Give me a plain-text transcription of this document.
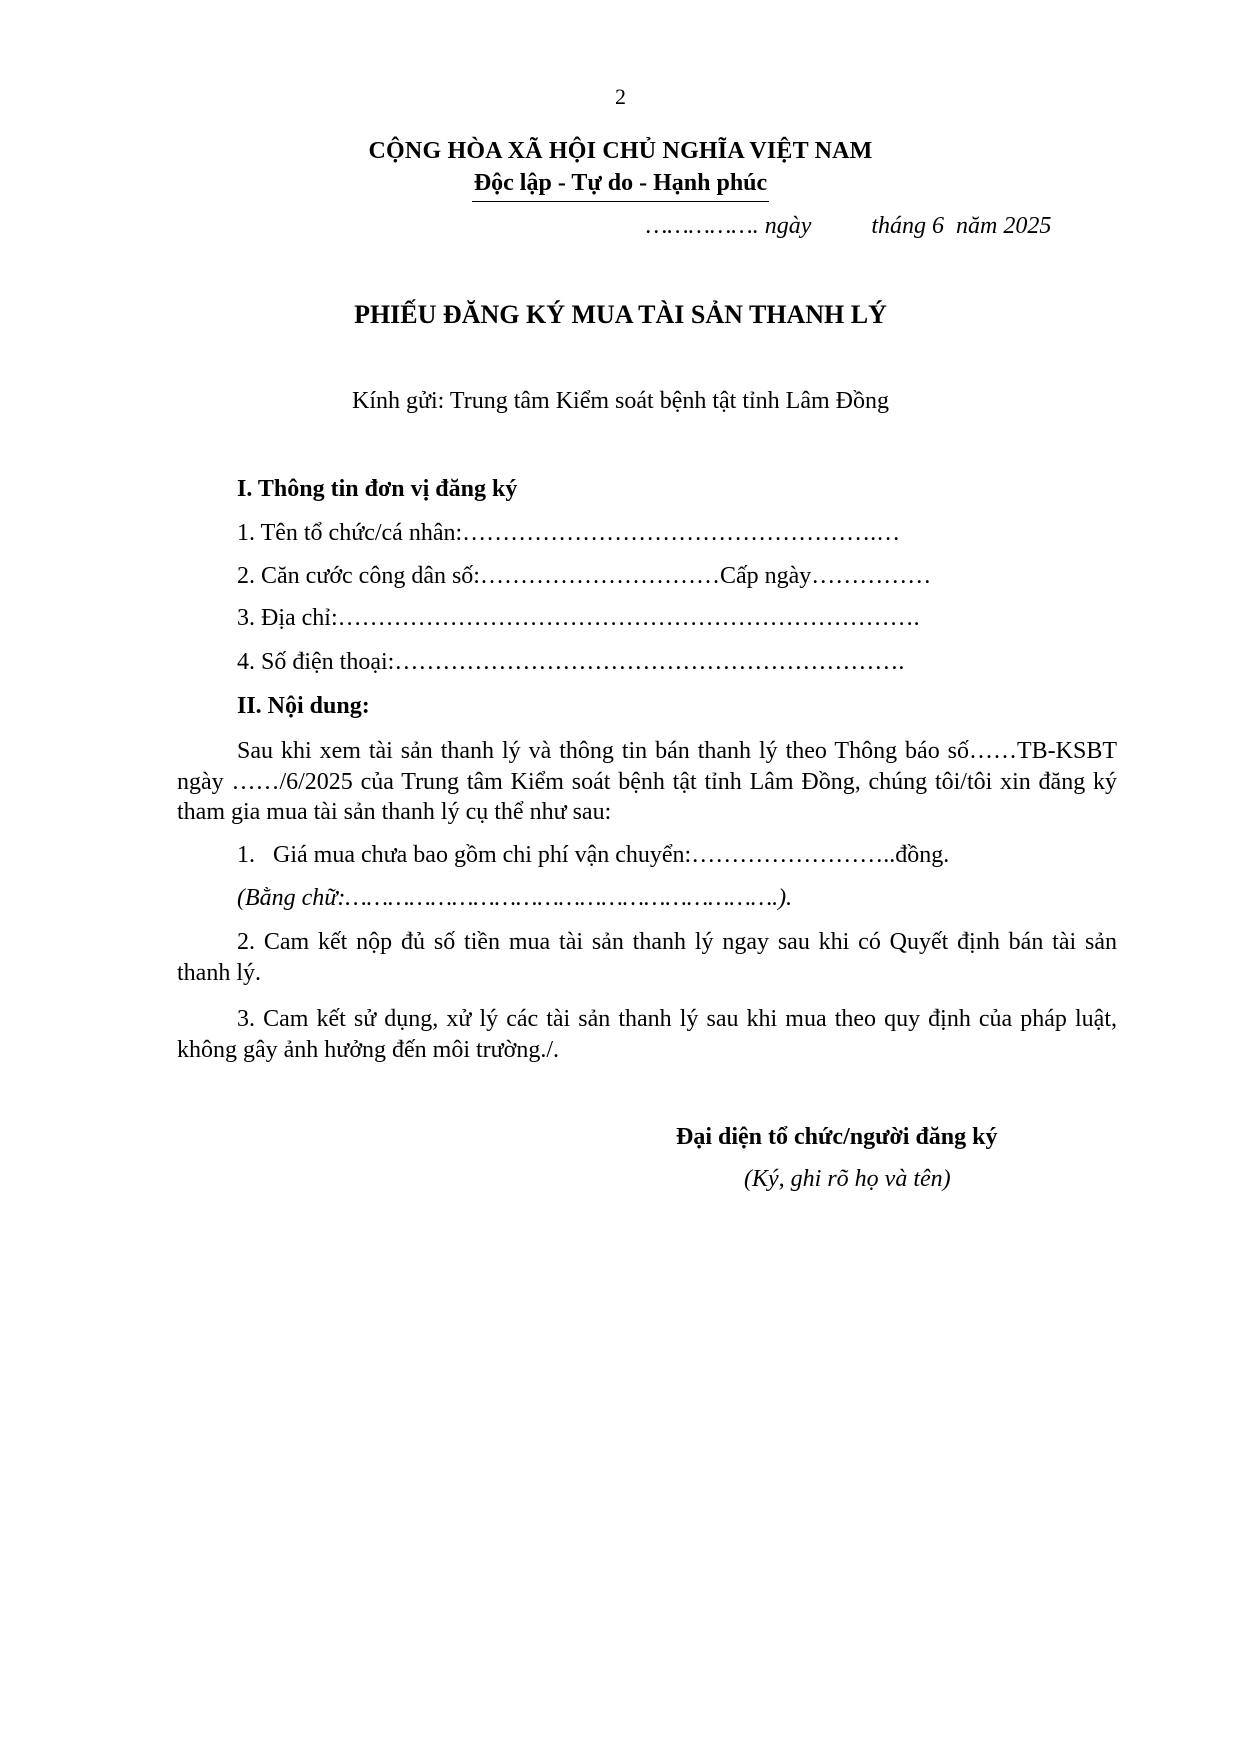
2
CỘNG HÒA XÃ HỘI CHỦ NGHĨA VIỆT NAM
Độc lập - Tự do - Hạnh phúc
……………. ngày          tháng 6  năm 2025
PHIẾU ĐĂNG KÝ MUA TÀI SẢN THANH LÝ
Kính gửi: Trung tâm Kiểm soát bệnh tật tỉnh Lâm Đồng
I. Thông tin đơn vị đăng ký
1. Tên tổ chức/cá nhân:…………………………………………….…
2. Căn cước công dân số:…………………………Cấp ngày……………
3. Địa chỉ:……………………………………………………………….
4. Số điện thoại:……………………………………………………….
II. Nội dung:
Sau khi xem tài sản thanh lý và thông tin bán thanh lý theo Thông báo số……TB-KSBT ngày ……/6/2025 của Trung tâm Kiểm soát bệnh tật tỉnh Lâm Đồng, chúng tôi/tôi xin đăng ký tham gia mua tài sản thanh lý cụ thể như sau:
1.   Giá mua chưa bao gồm chi phí vận chuyển:……………………..đồng.
(Bằng chữ:…………………………………………………….).
2. Cam kết nộp đủ số tiền mua tài sản thanh lý ngay sau khi có Quyết định bán tài sản thanh lý.
3. Cam kết sử dụng, xử lý các tài sản thanh lý sau khi mua theo quy định của pháp luật, không gây ảnh hưởng đến môi trường./.
Đại diện tổ chức/người đăng ký
(Ký, ghi rõ họ và tên)
